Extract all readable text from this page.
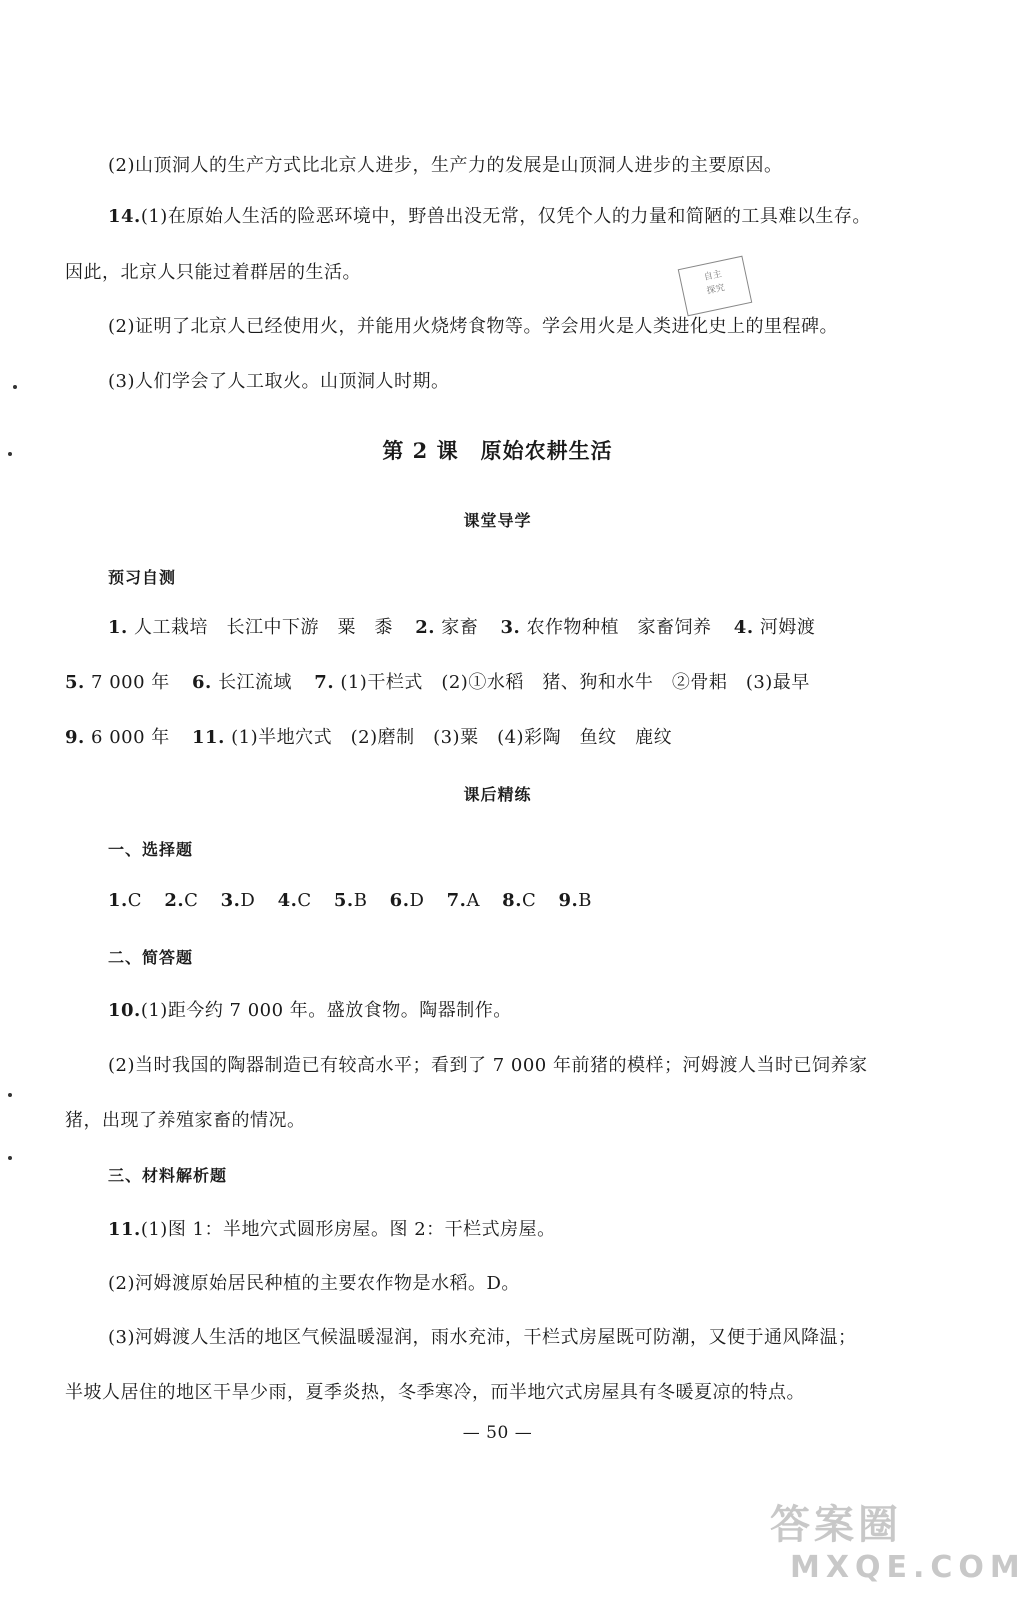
(2)山顶洞人的生产方式比北京人进步，生产力的发展是山顶洞人进步的主要原因。
14.(1)在原始人生活的险恶环境中，野兽出没无常，仅凭个人的力量和简陋的工具难以生存。
因此，北京人只能过着群居的生活。	自主
探究
(2)证明了北京人已经使用火，并能用火烧烤食物等。学会用火是人类进化史上的里程碑。
(3)人们学会了人工取火。山顶洞人时期。
第 2 课　原始农耕生活
课堂导学
预习自测
1. 人工栽培　长江中下游　粟　黍 2. 家畜 3. 农作物种植　家畜饲养 4. 河姆渡
5. 7 000 年 6. 长江流域 7. (1)干栏式　(2)①水稻　猪、狗和水牛　②骨耜　(3)最早
9. 6 000 年 11. (1)半地穴式　(2)磨制　(3)粟　(4)彩陶　鱼纹　鹿纹
课后精练
一、选择题
1.C 2.C 3.D 4.C 5.B 6.D 7.A 8.C 9.B
二、简答题
10.(1)距今约 7 000 年。盛放食物。陶器制作。
(2)当时我国的陶器制造已有较高水平；看到了 7 000 年前猪的模样；河姆渡人当时已饲养家
猪，出现了养殖家畜的情况。
三、材料解析题
11.(1)图 1：半地穴式圆形房屋。图 2：干栏式房屋。
(2)河姆渡原始居民种植的主要农作物是水稻。D。
(3)河姆渡人生活的地区气候温暖湿润，雨水充沛，干栏式房屋既可防潮，又便于通风降温；
半坡人居住的地区干旱少雨，夏季炎热，冬季寒冷，而半地穴式房屋具有冬暖夏凉的特点。
— 50 —
答案圈
MXQE.COM
